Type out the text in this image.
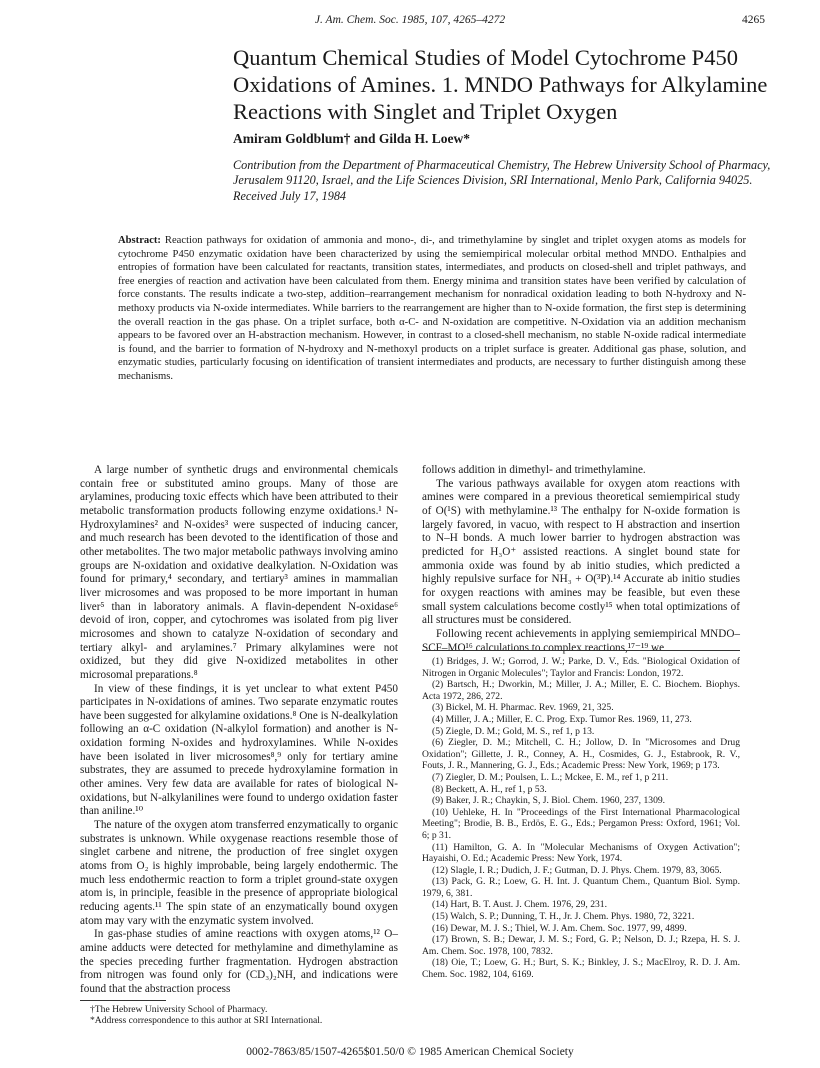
J. Am. Chem. Soc. 1985, 107, 4265–4272	4265
Quantum Chemical Studies of Model Cytochrome P450 Oxidations of Amines. 1. MNDO Pathways for Alkylamine Reactions with Singlet and Triplet Oxygen
Amiram Goldblum† and Gilda H. Loew*
Contribution from the Department of Pharmaceutical Chemistry, The Hebrew University School of Pharmacy, Jerusalem 91120, Israel, and the Life Sciences Division, SRI International, Menlo Park, California 94025. Received July 17, 1984
Abstract: Reaction pathways for oxidation of ammonia and mono-, di-, and trimethylamine by singlet and triplet oxygen atoms as models for cytochrome P450 enzymatic oxidation have been characterized by using the semiempirical molecular orbital method MNDO. Enthalpies and entropies of formation have been calculated for reactants, transition states, intermediates, and products on closed-shell and triplet pathways, and free energies of reaction and activation have been calculated from them. Energy minima and transition states have been verified by calculation of force constants. The results indicate a two-step, addition–rearrangement mechanism for nonradical oxidation leading to both N-hydroxy and N-methoxy products via N-oxide intermediates. While barriers to the rearrangement are higher than to N-oxide formation, the first step is determining the overall reaction in the gas phase. On a triplet surface, both α-C- and N-oxidation are competitive. N-Oxidation via an addition mechanism appears to be favored over an H-abstraction mechanism. However, in contrast to a closed-shell mechanism, no stable N-oxide radical intermediate is found, and the barrier to formation of N-hydroxy and N-methoxyl products on a triplet surface is greater. Additional gas phase, solution, and enzymatic studies, particularly focusing on identification of transient intermediates and products, are necessary to further distinguish among these mechanisms.

A large number of synthetic drugs and environmental chemicals contain free or substituted amino groups. Many of those are arylamines, producing toxic effects which have been attributed to their metabolic transformation products following enzyme oxidations.¹ N-Hydroxylamines² and N-oxides³ were suspected of inducing cancer, and much research has been devoted to the identification of those and other metabolites. The two major metabolic pathways involving amino groups are N-oxidation and oxidative dealkylation. N-Oxidation was found for primary,⁴ secondary, and tertiary³ amines in mammalian liver microsomes and was proposed to be more important in human liver⁵ than in laboratory animals. A flavin-dependent N-oxidase⁶ devoid of iron, copper, and cytochromes was isolated from pig liver microsomes and shown to catalyze N-oxidation of secondary and tertiary alkyl- and arylamines.⁷ Primary alkylamines were not oxidized, but they did give N-oxidized metabolites in other microsomal preparations.⁸

In view of these findings, it is yet unclear to what extent P450 participates in N-oxidations of amines. Two separate enzymatic routes have been suggested for alkylamine oxidations.⁸ One is N-dealkylation following an α-C oxidation (N-alkylol formation) and another is N-oxidation forming N-oxides and hydroxylamines. While N-oxides have been isolated in liver microsomes⁸,⁹ only for tertiary amine substrates, they are assumed to precede hydroxylamine formation in other amines. Very few data are available for rates of biological N-oxidations, but N-alkylanilines were found to undergo oxidation faster than aniline.¹⁰

The nature of the oxygen atom transferred enzymatically to organic substrates is unknown. While oxygenase reactions resemble those of singlet carbene and nitrene, the production of free singlet oxygen atoms from O₂ is highly improbable, being largely endothermic. The much less endothermic reaction to form a triplet ground-state oxygen atom is, in principle, feasible in the presence of appropriate biological reducing agents.¹¹ The spin state of an enzymatically bound oxygen atom may vary with the enzymatic system involved.

In gas-phase studies of amine reactions with oxygen atoms,¹² O–amine adducts were detected for methylamine and dimethylamine as the species preceding further fragmentation. Hydrogen abstraction from nitrogen was found only for (CD₃)₂NH, and indications were found that the abstraction process

follows addition in dimethyl- and trimethylamine.

The various pathways available for oxygen atom reactions with amines were compared in a previous theoretical semiempirical study of O(¹S) with methylamine.¹³ The enthalpy for N-oxide formation is largely favored, in vacuo, with respect to H abstraction and insertion to N–H bonds. A much lower barrier to hydrogen abstraction was predicted for H₃O⁺ assisted reactions. A singlet bound state for ammonia oxide was found by ab initio studies, which predicted a highly repulsive surface for NH₃ + O(³P).¹⁴ Accurate ab initio studies for oxygen reactions with amines may be feasible, but even these small system calculations become costly¹⁵ when total optimizations of all structures must be considered.

Following recent achievements in applying semiempirical MNDO–SCF–MO¹⁶ calculations to complex reactions,¹⁷⁻¹⁹ we

(1) Bridges, J. W.; Gorrod, J. W.; Parke, D. V., Eds. "Biological Oxidation of Nitrogen in Organic Molecules"; Taylor and Francis: London, 1972.
(2) Bartsch, H.; Dworkin, M.; Miller, J. A.; Miller, E. C. Biochem. Biophys. Acta 1972, 286, 272.
(3) Bickel, M. H. Pharmac. Rev. 1969, 21, 325.
(4) Miller, J. A.; Miller, E. C. Prog. Exp. Tumor Res. 1969, 11, 273.
(5) Ziegle, D. M.; Gold, M. S., ref 1, p 13.
(6) Ziegler, D. M.; Mitchell, C. H.; Jollow, D. In "Microsomes and Drug Oxidation"; Gillette, J. R., Conney, A. H., Cosmides, G. J., Estabrook, R. V., Fouts, J. R., Mannering, G. J., Eds.; Academic Press: New York, 1969; p 173.
(7) Ziegler, D. M.; Poulsen, L. L.; Mckee, E. M., ref 1, p 211.
(8) Beckett, A. H., ref 1, p 53.
(9) Baker, J. R.; Chaykin, S, J. Biol. Chem. 1960, 237, 1309.
(10) Uehleke, H. In "Proceedings of the First International Pharmacological Meeting"; Brodie, B. B., Erdös, E. G., Eds.; Pergamon Press: Oxford, 1961; Vol. 6; p 31.
(11) Hamilton, G. A. In "Molecular Mechanisms of Oxygen Activation"; Hayaishi, O. Ed.; Academic Press: New York, 1974.
(12) Slagle, I. R.; Dudich, J. F.; Gutman, D. J. Phys. Chem. 1979, 83, 3065.
(13) Pack, G. R.; Loew, G. H. Int. J. Quantum Chem., Quantum Biol. Symp. 1979, 6, 381.
(14) Hart, B. T. Aust. J. Chem. 1976, 29, 231.
(15) Walch, S. P.; Dunning, T. H., Jr. J. Chem. Phys. 1980, 72, 3221.
(16) Dewar, M. J. S.; Thiel, W. J. Am. Chem. Soc. 1977, 99, 4899.
(17) Brown, S. B.; Dewar, J. M. S.; Ford, G. P.; Nelson, D. J.; Rzepa, H. S. J. Am. Chem. Soc. 1978, 100, 7832.
(18) Oie, T.; Loew, G. H.; Burt, S. K.; Binkley, J. S.; MacElroy, R. D. J. Am. Chem. Soc. 1982, 104, 6169.
†The Hebrew University School of Pharmacy.
*Address correspondence to this author at SRI International.
0002-7863/85/1507-4265$01.50/0 © 1985 American Chemical Society
